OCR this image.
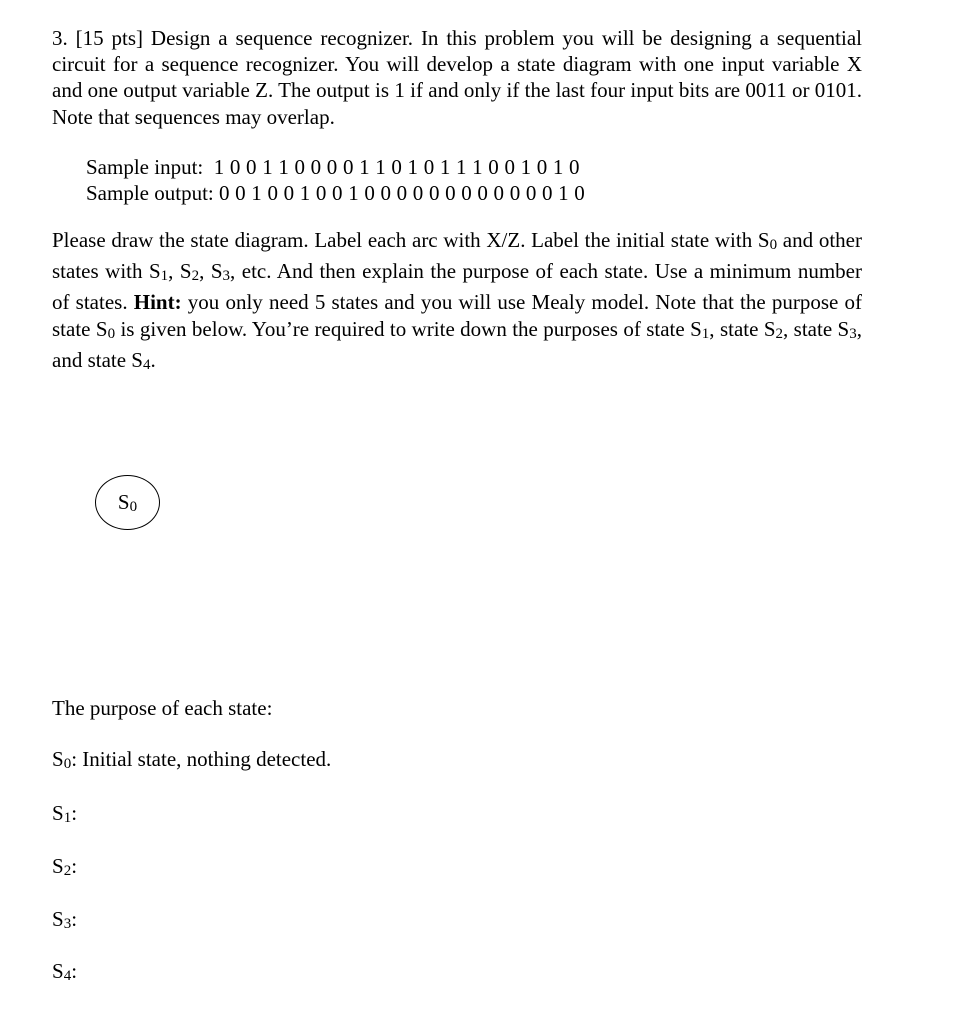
3. [15 pts] Design a sequence recognizer. In this problem you will be designing a sequential circuit for a sequence recognizer. You will develop a state diagram with one input variable X and one output variable Z. The output is 1 if and only if the last four input bits are 0011 or 0101. Note that sequences may overlap.

Sample input: 1 0 0 1 1 0 0 0 0 1 1 0 1 0 1 1 1 0 0 1 0 1 0
Sample output: 0 0 1 0 0 1 0 0 1 0 0 0 0 0 0 0 0 0 0 0 0 1 0

Please draw the state diagram. Label each arc with X/Z. Label the initial state with S0 and other states with S1, S2, S3, etc. And then explain the purpose of each state. Use a minimum number of states. Hint: you only need 5 states and you will use Mealy model. Note that the purpose of state S0 is given below. You’re required to write down the purposes of state S1, state S2, state S3, and state S4.

S0
The purpose of each state:
S0: Initial state, nothing detected.
S1:
S2:
S3:
S4:
